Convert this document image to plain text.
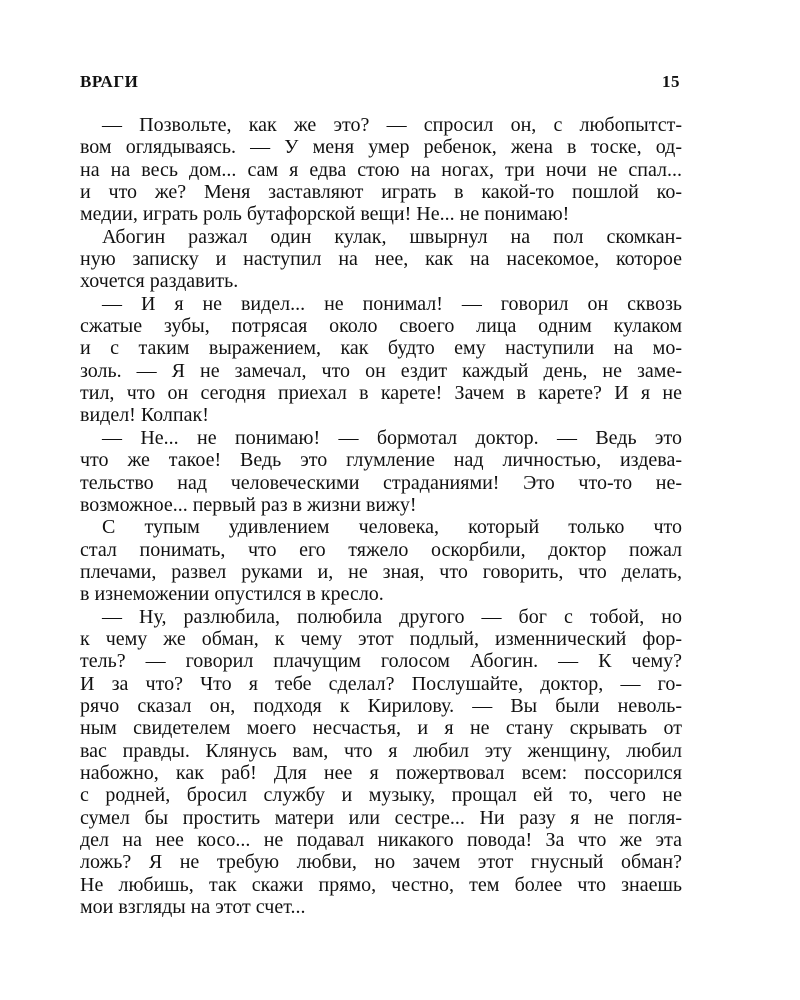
ВРАГИ	15
— Позвольте, как же это? — спросил он, с любопытст-
вом оглядываясь. — У меня умер ребенок, жена в тоске, од-
на на весь дом... сам я едва стою на ногах, три ночи не спал...
и что же? Меня заставляют играть в какой-то пошлой ко-
медии, играть роль бутафорской вещи! Не... не понимаю!
Абогин разжал один кулак, швырнул на пол скомкан-
ную записку и наступил на нее, как на насекомое, которое
хочется раздавить.
— И я не видел... не понимал! — говорил он сквозь
сжатые зубы, потрясая около своего лица одним кулаком
и с таким выражением, как будто ему наступили на мо-
золь. — Я не замечал, что он ездит каждый день, не заме-
тил, что он сегодня приехал в карете! Зачем в карете? И я не
видел! Колпак!
— Не... не понимаю! — бормотал доктор. — Ведь это
что же такое! Ведь это глумление над личностью, издева-
тельство над человеческими страданиями! Это что-то не-
возможное... первый раз в жизни вижу!
С тупым удивлением человека, который только что
стал понимать, что его тяжело оскорбили, доктор пожал
плечами, развел руками и, не зная, что говорить, что делать,
в изнеможении опустился в кресло.
— Ну, разлюбила, полюбила другого — бог с тобой, но
к чему же обман, к чему этот подлый, изменнический фор-
тель? — говорил плачущим голосом Абогин. — К чему?
И за что? Что я тебе сделал? Послушайте, доктор, — го-
рячо сказал он, подходя к Кирилову. — Вы были неволь-
ным свидетелем моего несчастья, и я не стану скрывать от
вас правды. Клянусь вам, что я любил эту женщину, любил
набожно, как раб! Для нее я пожертвовал всем: поссорился
с родней, бросил службу и музыку, прощал ей то, чего не
сумел бы простить матери или сестре... Ни разу я не погля-
дел на нее косо... не подавал никакого повода! За что же эта
ложь? Я не требую любви, но зачем этот гнусный обман?
Не любишь, так скажи прямо, честно, тем более что знаешь
мои взгляды на этот счет...
